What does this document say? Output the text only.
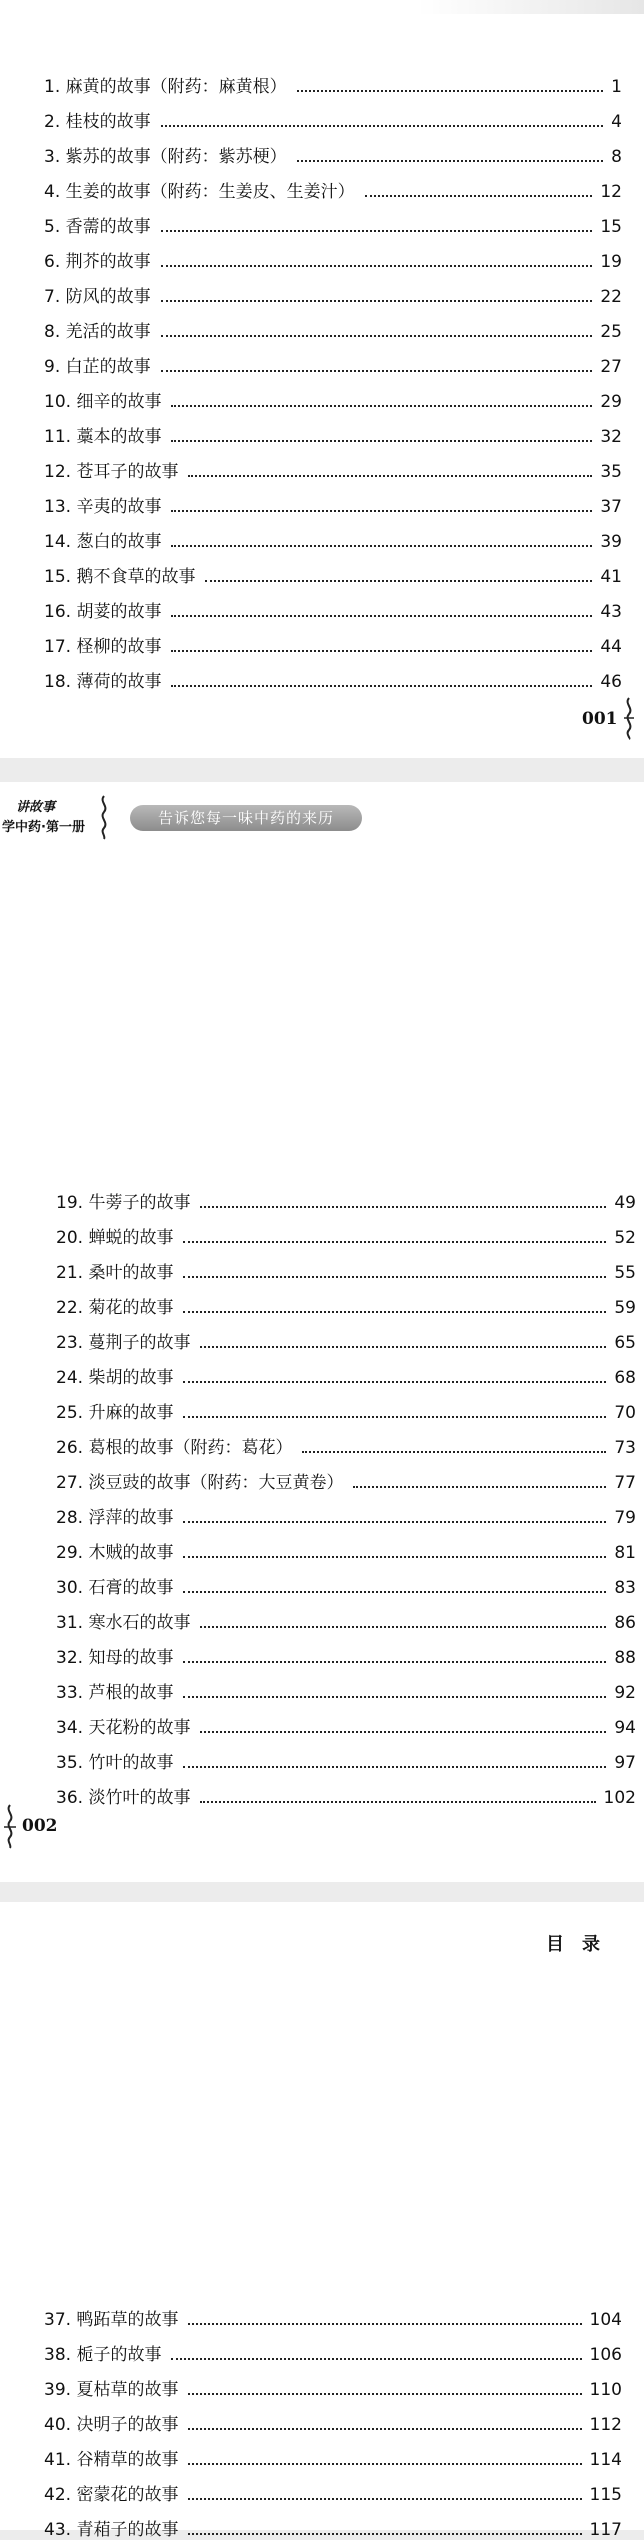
1. 麻黄的故事（附药：麻黄根）	1
2. 桂枝的故事	4
3. 紫苏的故事（附药：紫苏梗）	8
4. 生姜的故事（附药：生姜皮、生姜汁）	12
5. 香薷的故事	15
6. 荆芥的故事	19
7. 防风的故事	22
8. 羌活的故事	25
9. 白芷的故事	27
10. 细辛的故事	29
11. 藁本的故事	32
12. 苍耳子的故事	35
13. 辛夷的故事	37
14. 葱白的故事	39
15. 鹅不食草的故事	41
16. 胡荽的故事	43
17. 柽柳的故事	44
18. 薄荷的故事	46
001
讲故事
学中药·第一册
告诉您每一味中药的来历
19. 牛蒡子的故事	49
20. 蝉蜕的故事	52
21. 桑叶的故事	55
22. 菊花的故事	59
23. 蔓荆子的故事	65
24. 柴胡的故事	68
25. 升麻的故事	70
26. 葛根的故事（附药：葛花）	73
27. 淡豆豉的故事（附药：大豆黄卷）	77
28. 浮萍的故事	79
29. 木贼的故事	81
30. 石膏的故事	83
31. 寒水石的故事	86
32. 知母的故事	88
33. 芦根的故事	92
34. 天花粉的故事	94
35. 竹叶的故事	97
36. 淡竹叶的故事	102
002
目录
37. 鸭跖草的故事	104
38. 栀子的故事	106
39. 夏枯草的故事	110
40. 决明子的故事	112
41. 谷精草的故事	114
42. 密蒙花的故事	115
43. 青葙子的故事	117
